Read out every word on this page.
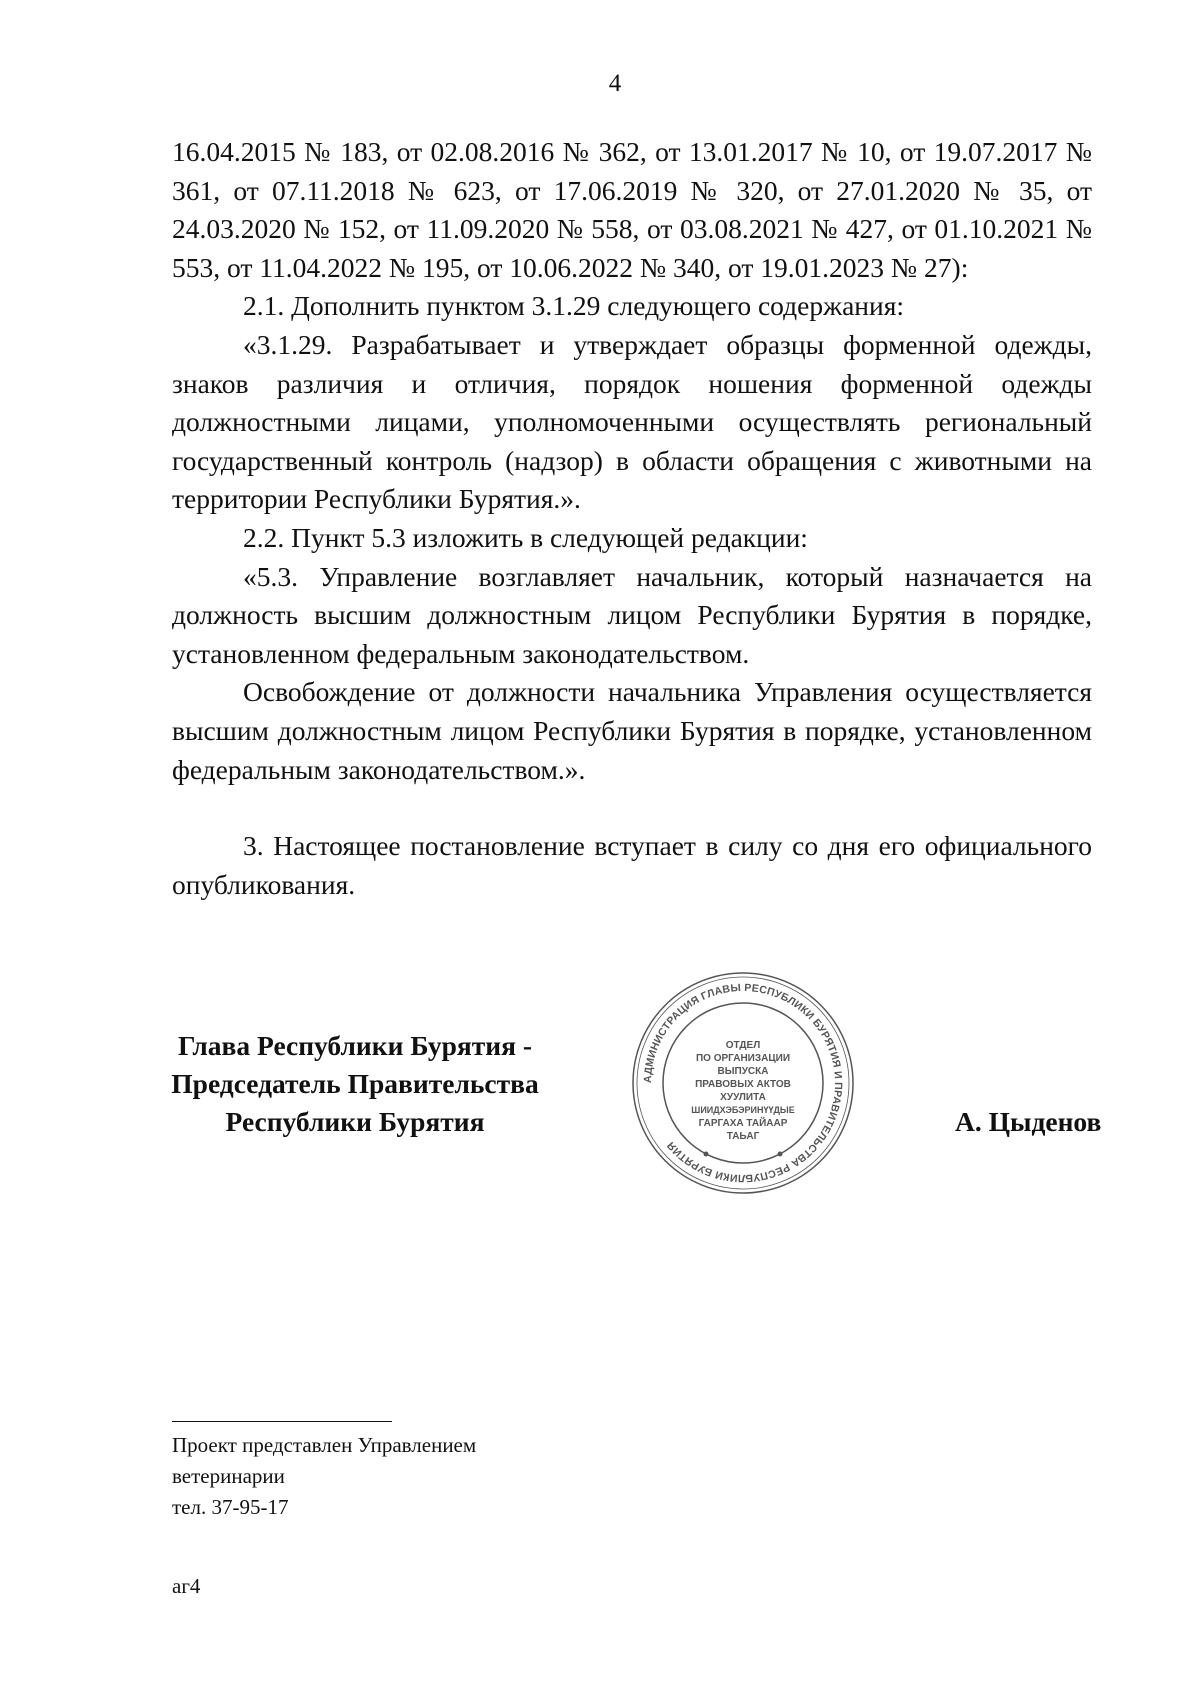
4

16.04.2015 № 183, от 02.08.2016 № 362, от 13.01.2017 № 10, от 19.07.2017 № 361, от 07.11.2018 № 623, от 17.06.2019 № 320, от 27.01.2020 № 35, от 24.03.2020 № 152, от 11.09.2020 № 558, от 03.08.2021 № 427, от 01.10.2021 № 553, от 11.04.2022 № 195, от 10.06.2022 № 340, от 19.01.2023 № 27):

2.1. Дополнить пунктом 3.1.29 следующего содержания:

«3.1.29. Разрабатывает и утверждает образцы форменной одежды, знаков различия и отличия, порядок ношения форменной одежды должностными лицами, уполномоченными осуществлять региональный государственный контроль (надзор) в области обращения с животными на территории Республики Бурятия.».

2.2. Пункт 5.3 изложить в следующей редакции:

«5.3. Управление возглавляет начальник, который назначается на должность высшим должностным лицом Республики Бурятия в порядке, установленном федеральным законодательством.

Освобождение от должности начальника Управления осуществляется высшим должностным лицом Республики Бурятия в порядке, установленном федеральным законодательством.».

3. Настоящее постановление вступает в силу со дня его официального опубликования.

Глава Республики Бурятия -
Председатель Правительства
Республики Бурятия
АДМИНИСТРАЦИЯ ГЛАВЫ РЕСПУБЛИКИ БУРЯТИЯ И ПРАВИТЕЛЬСТВА РЕСПУБЛИКИ БУРЯТИЯ
ОТДЕЛ
ПО ОРГАНИЗАЦИИ
ВЫПУСКА
ПРАВОВЫХ АКТОВ
ХУУЛИТА
ШИИДХЭБЭРИНҮҮДЫЕ
ГАРГАХА ТАЙААР
ТАЬАГ	А. Цыденов
Проект представлен Управлением
ветеринарии
тел. 37-95-17
аг4
